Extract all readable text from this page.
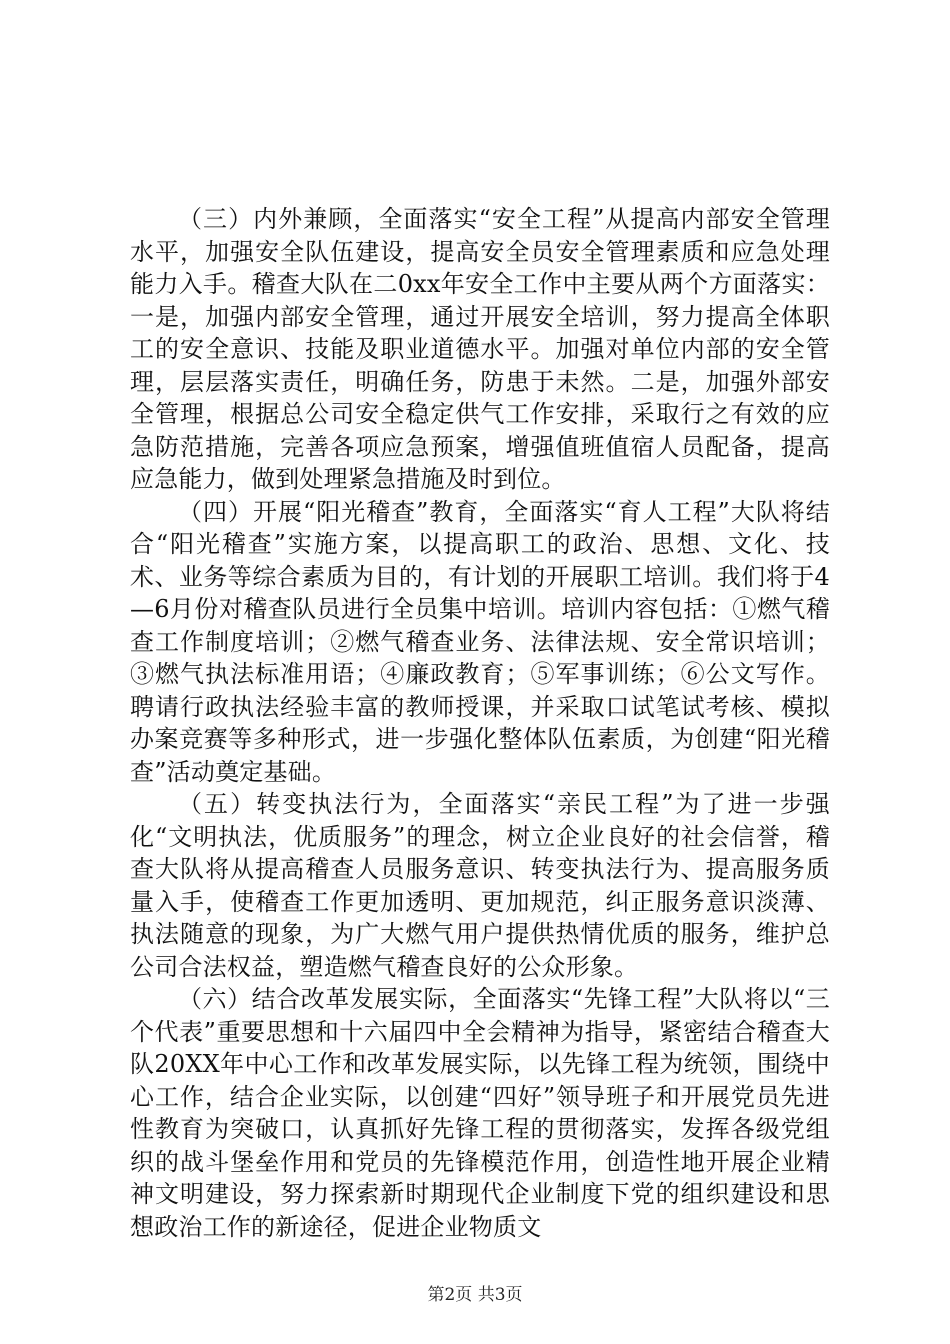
（三）内外兼顾，全面落实“安全工程”从提高内部安全管理水平，加强安全队伍建设，提高安全员安全管理素质和应急处理能力入手。稽查大队在二0xx年安全工作中主要从两个方面落实：一是，加强内部安全管理，通过开展安全培训，努力提高全体职工的安全意识、技能及职业道德水平。加强对单位内部的安全管理，层层落实责任，明确任务，防患于未然。二是，加强外部安全管理，根据总公司安全稳定供气工作安排，采取行之有效的应急防范措施，完善各项应急预案，增强值班值宿人员配备，提高应急能力，做到处理紧急措施及时到位。

（四）开展“阳光稽查”教育，全面落实“育人工程”大队将结合“阳光稽查”实施方案，以提高职工的政治、思想、文化、技术、业务等综合素质为目的，有计划的开展职工培训。我们将于4—6月份对稽查队员进行全员集中培训。培训内容包括：①燃气稽查工作制度培训；②燃气稽查业务、法律法规、安全常识培训；③燃气执法标准用语；④廉政教育；⑤军事训练；⑥公文写作。聘请行政执法经验丰富的教师授课，并采取口试笔试考核、模拟办案竞赛等多种形式，进一步强化整体队伍素质，为创建“阳光稽查”活动奠定基础。

（五）转变执法行为，全面落实“亲民工程”为了进一步强化“文明执法，优质服务”的理念，树立企业良好的社会信誉，稽查大队将从提高稽查人员服务意识、转变执法行为、提高服务质量入手，使稽查工作更加透明、更加规范，纠正服务意识淡薄、执法随意的现象，为广大燃气用户提供热情优质的服务，维护总公司合法权益，塑造燃气稽查良好的公众形象。

（六）结合改革发展实际，全面落实“先锋工程”大队将以“三个代表”重要思想和十六届四中全会精神为指导，紧密结合稽查大队20XX年中心工作和改革发展实际，以先锋工程为统领，围绕中心工作，结合企业实际，以创建“四好”领导班子和开展党员先进性教育为突破口，认真抓好先锋工程的贯彻落实，发挥各级党组织的战斗堡垒作用和党员的先锋模范作用，创造性地开展企业精神文明建设，努力探索新时期现代企业制度下党的组织建设和思想政治工作的新途径，促进企业物质文

第2页 共3页
